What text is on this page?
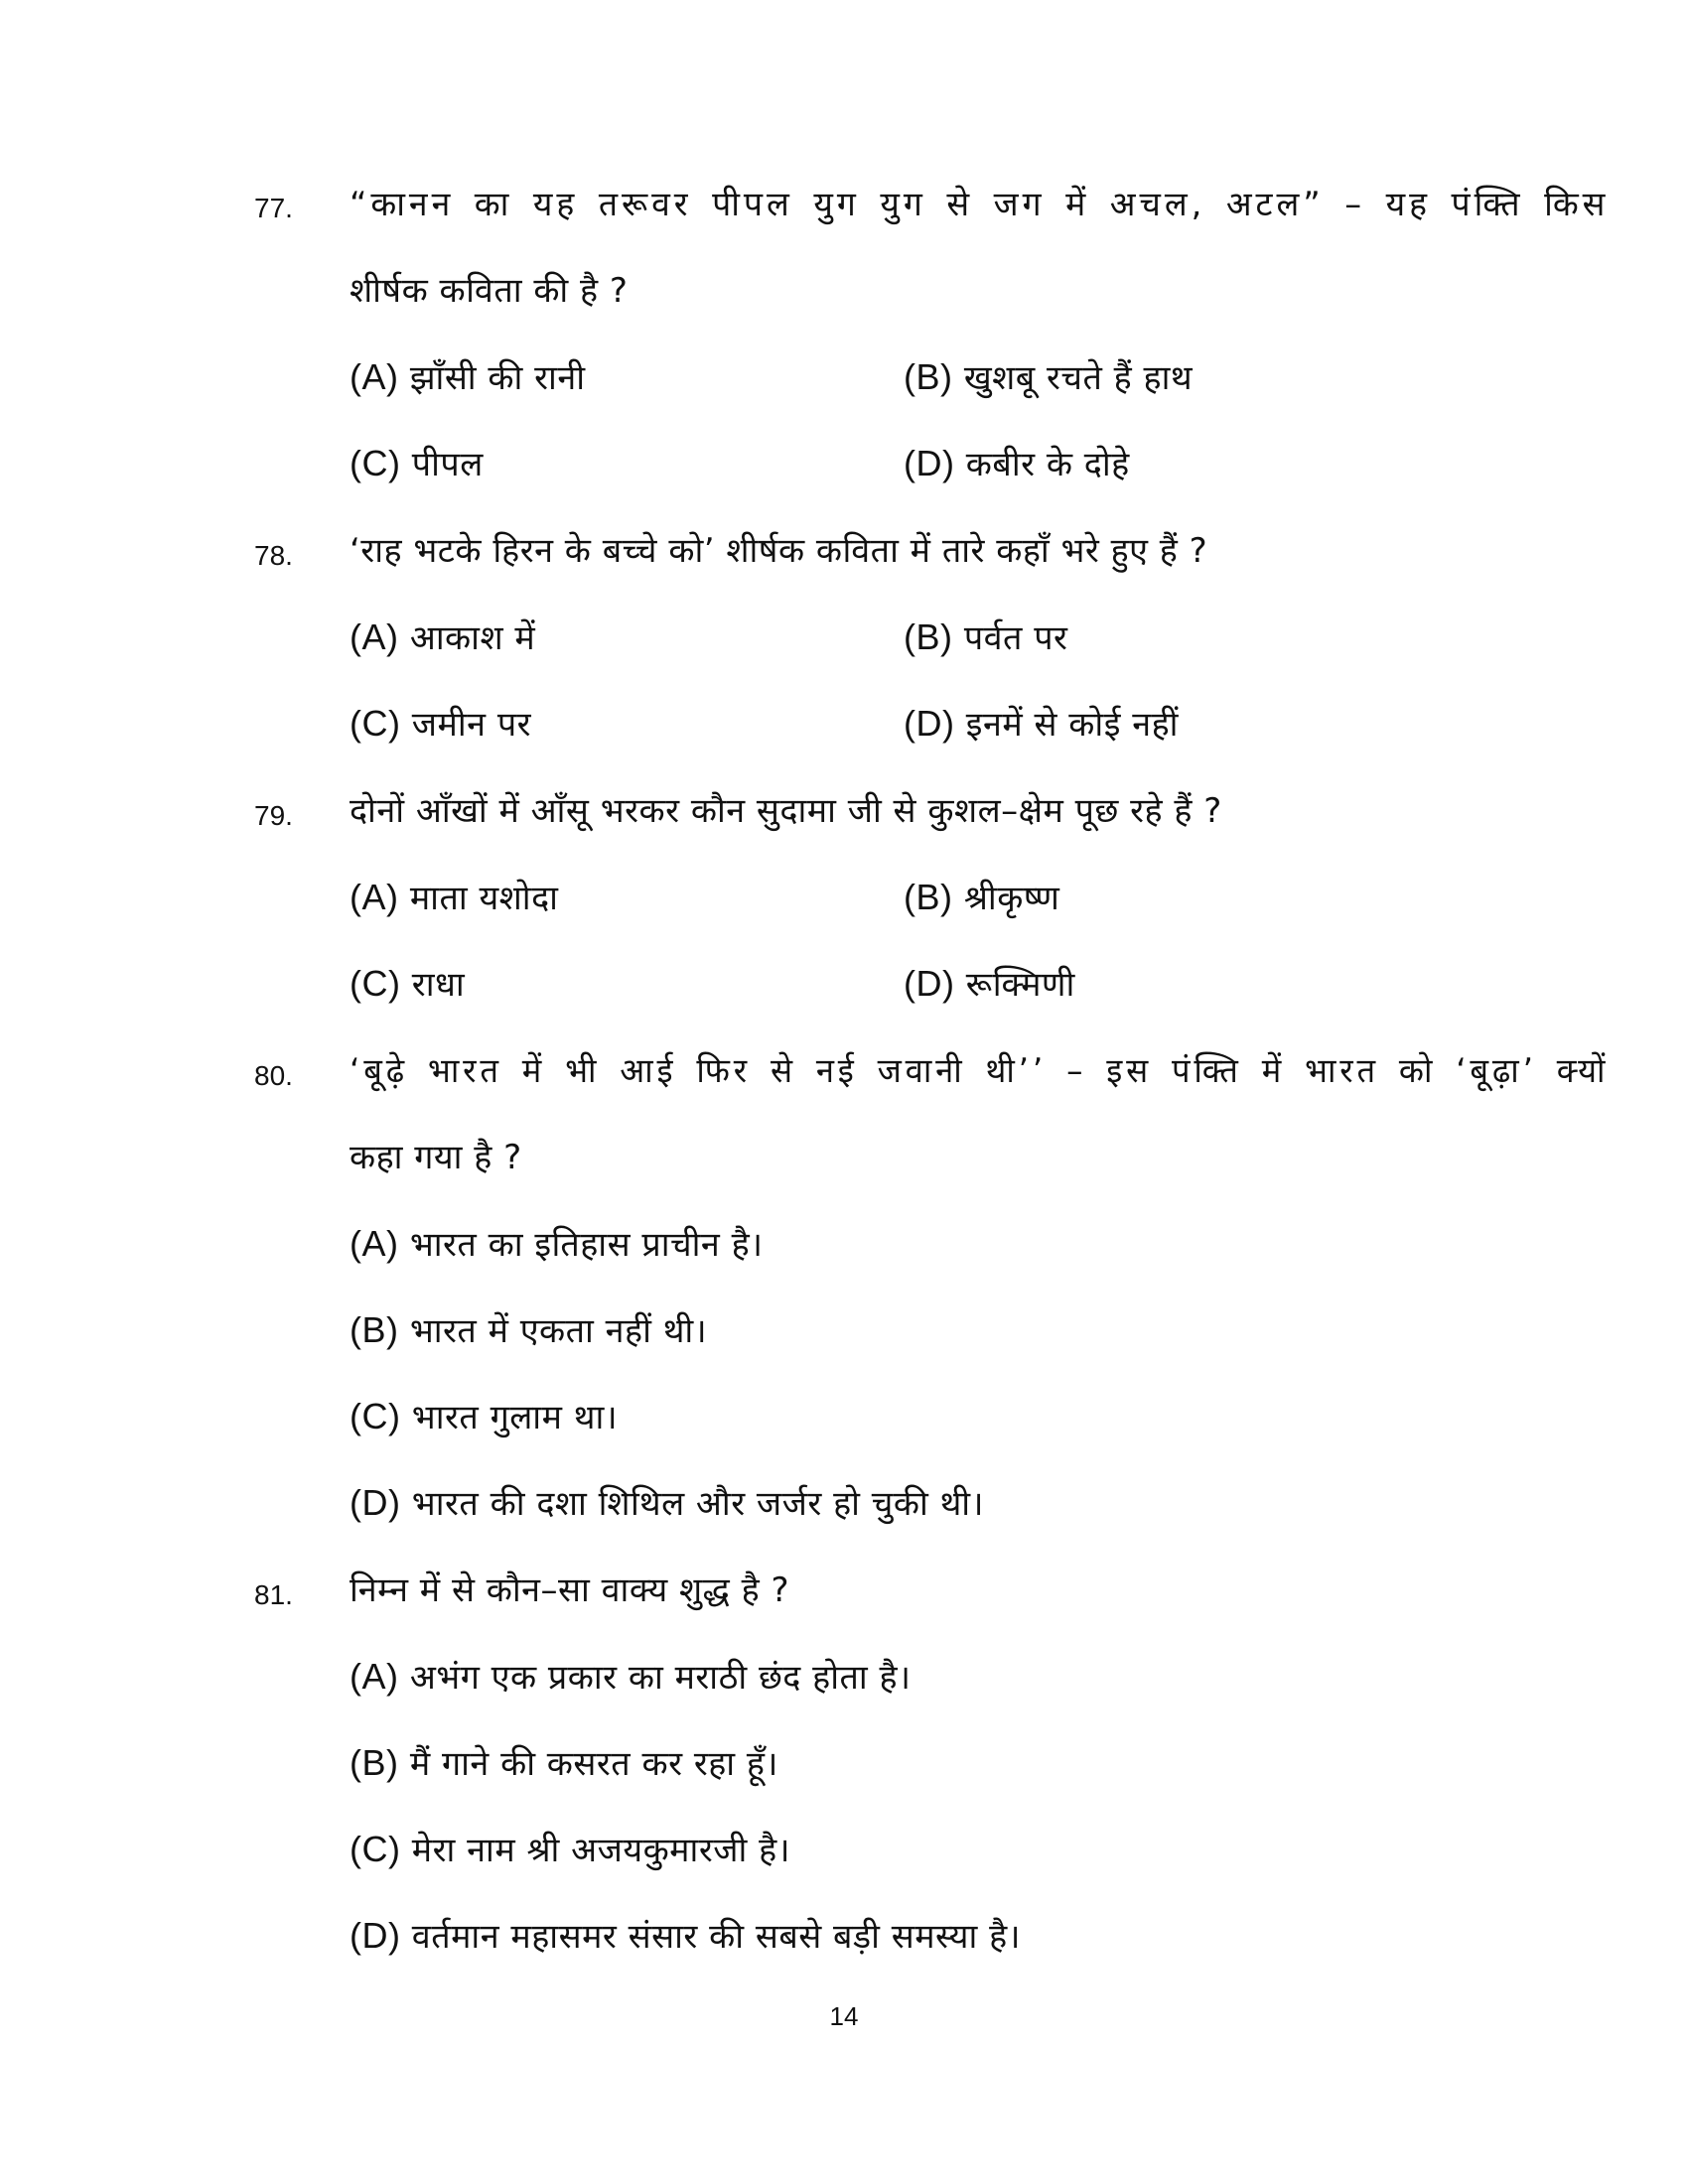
77. “कानन का यह तरूवर पीपल युग युग से जग में अचल, अटल” – यह पंक्ति किस
शीर्षक कविता की है ?
(A) झाँसी की रानी	(B) खुशबू रचते हैं हाथ
(C) पीपल	(D) कबीर के दोहे
78. ‘राह भटके हिरन के बच्चे को’ शीर्षक कविता में तारे कहाँ भरे हुए हैं ?
(A) आकाश में	(B) पर्वत पर
(C) जमीन पर	(D) इनमें से कोई नहीं
79. दोनों आँखों में आँसू भरकर कौन सुदामा जी से कुशल–क्षेम पूछ रहे हैं ?
(A) माता यशोदा	(B) श्रीकृष्ण
(C) राधा	(D) रूक्मिणी
80. ‘बूढ़े भारत में भी आई फिर से नई जवानी थी’’ – इस पंक्ति में भारत को ‘बूढ़ा’ क्यों
कहा गया है ?
(A) भारत का इतिहास प्राचीन है।
(B) भारत में एकता नहीं थी।
(C) भारत गुलाम था।
(D) भारत की दशा शिथिल और जर्जर हो चुकी थी।
81. निम्न में से कौन–सा वाक्य शुद्ध है ?
(A) अभंग एक प्रकार का मराठी छंद होता है।
(B) मैं गाने की कसरत कर रहा हूँ।
(C) मेरा नाम श्री अजयकुमारजी है।
(D) वर्तमान महासमर संसार की सबसे बड़ी समस्या है।
14
